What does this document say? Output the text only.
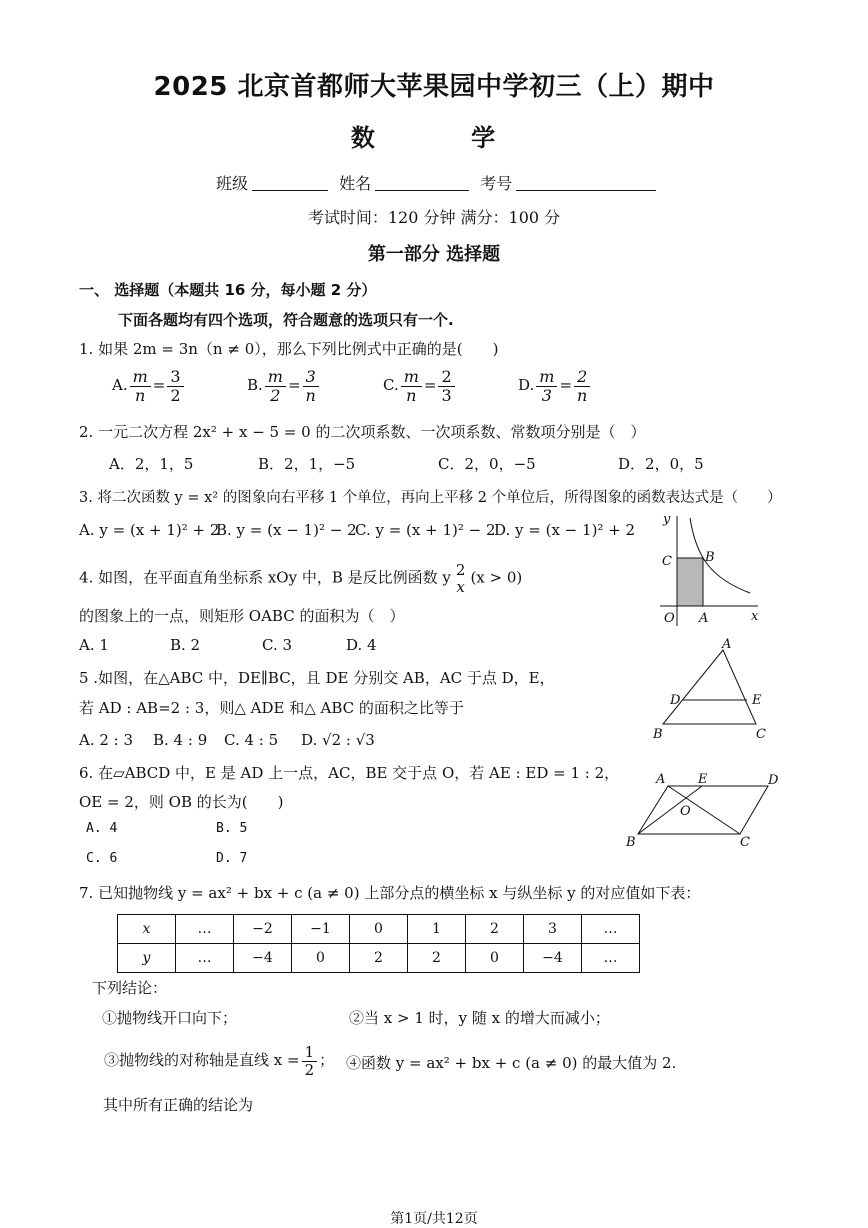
2025 北京首都师大苹果园中学初三（上）期中
数 学
班级	姓名	考号
考试时间：120 分钟 满分：100 分
第一部分 选择题
一、 选择题（本题共 16 分，每小题 2 分）
下面各题均有四个选项，符合题意的选项只有一个.
1. 如果 2m = 3n（n ≠ 0），那么下列比例式中正确的是(　　)
A. $\frac{m}{n} = \frac{3}{2}$	B. $\frac{m}{2} = \frac{3}{n}$	C. $\frac{m}{n} = \frac{2}{3}$	D. $\frac{m}{3} = \frac{2}{n}$
2. 一元二次方程 2x² + x − 5 = 0 的二次项系数、一次项系数、常数项分别是（　）
A．2，1，5	B．2，1，−5	C．2，0，−5	D．2，0，5
3. 将二次函数 y = x² 的图象向右平移 1 个单位，再向上平移 2 个单位后，所得图象的函数表达式是（　　）
A. y = (x + 1)² + 2
B. y = (x − 1)² − 2
C. y = (x + 1)² − 2
D. y = (x − 1)² + 2
4. 如图，在平面直角坐标系 xOy 中，B 是反比例函数 y 2
x (x > 0)
的图象上的一点，则矩形 OABC 的面积为（　）
A. 1	B. 2	C. 3	D. 4
y
x
O A
B
C
5 .如图，在△ABC 中，DE∥BC，且 DE 分别交 AB，AC 于点 D，E，
若 AD : AB=2 : 3，则△ ADE 和△ ABC 的面积之比等于
A. 2 : 3 B. 4 : 9 C. 4 : 5 D. √2 : √3
A
B	C
D	E
6. 在▱ABCD 中，E 是 AD 上一点，AC，BE 交于点 O，若 AE : ED = 1 : 2，
OE = 2，则 OB 的长为(　　)
A. 4	B. 5
C. 6	D. 7
A	E	D
O
B	C
7. 已知抛物线 y = ax² + bx + c (a ≠ 0) 上部分点的横坐标 x 与纵坐标 y 的对应值如下表：
x	…	−2	−1	0	1	2	3	…
y	…	−4	0	2	2	0	−4	…
下列结论：
①抛物线开口向下；	②当 x > 1 时，y 随 x 的增大而减小；
③抛物线的对称轴是直线 $x = \frac{1}{2}$ ； ④函数 y = ax² + bx + c (a ≠ 0) 的最大值为 2.
其中所有正确的结论为
第1页/共12页
